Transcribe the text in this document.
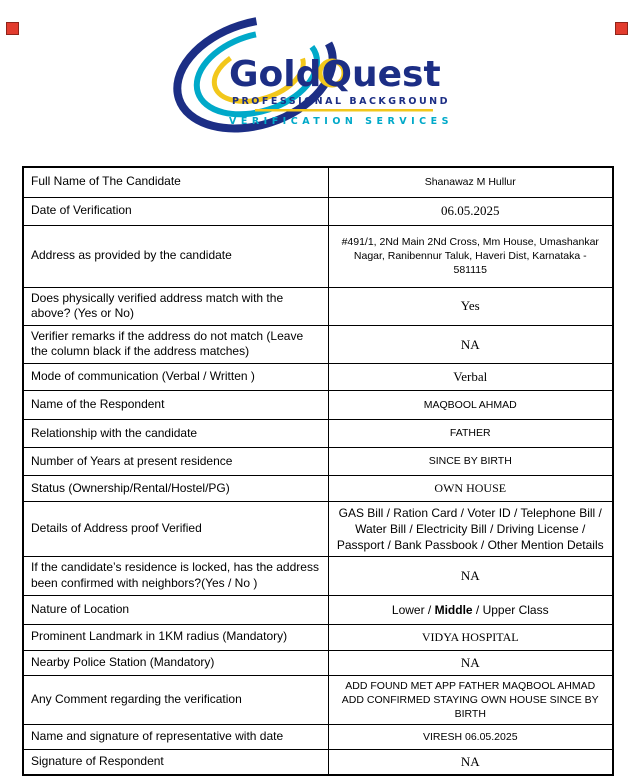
GoldQuest
PROFESSIONAL BACKGROUND
VERIFICATION SERVICES
Full Name of The Candidate	Shanawaz M Hullur
Date of Verification	06.05.2025
Address as provided by the candidate	#491/1, 2Nd Main 2Nd Cross, Mm House, Umashankar Nagar, Ranibennur Taluk, Haveri Dist, Karnataka - 581115
Does physically verified address match with the above? (Yes or No)	Yes
Verifier remarks if the address do not match (Leave the column black if the address matches)	NA
Mode of communication (Verbal / Written )	Verbal
Name of the Respondent	MAQBOOL AHMAD
Relationship with the candidate	FATHER
Number of Years at present residence	SINCE BY BIRTH
Status (Ownership/Rental/Hostel/PG)	OWN HOUSE
Details of Address proof Verified	GAS Bill / Ration Card / Voter ID / Telephone Bill / Water Bill / Electricity Bill / Driving License / Passport / Bank Passbook / Other Mention Details
If the candidate’s residence is locked, has the address been confirmed with neighbors?(Yes / No )	NA
Nature of Location	Lower / Middle / Upper Class
Prominent Landmark in 1KM radius (Mandatory)	VIDYA HOSPITAL
Nearby Police Station (Mandatory)	NA
Any Comment regarding the verification	ADD FOUND MET APP FATHER MAQBOOL AHMAD ADD CONFIRMED STAYING OWN HOUSE SINCE BY BIRTH
Name and signature of representative with date	VIRESH 06.05.2025
Signature of Respondent	NA
